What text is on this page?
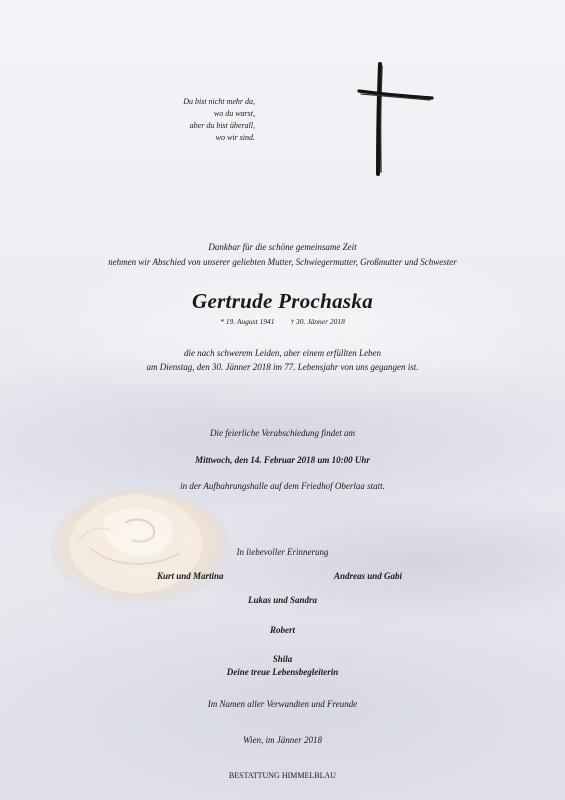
Du bist nicht mehr da,
wo du warst,
aber du bist überall,
wo wir sind.
Dankbar für die schöne gemeinsame Zeit
nehmen wir Abschied von unserer geliebten Mutter, Schwiegermutter, Großmutter und Schwester
Gertrude Prochaska
* 19. August 1941 † 30. Jänner 2018
die nach schwerem Leiden, aber einem erfüllten Leben
am Dienstag, den 30. Jänner 2018 im 77. Lebensjahr von uns gegangen ist.
Die feierliche Verabschiedung findet am
Mittwoch, den 14. Februar 2018 um 10:00 Uhr
in der Aufbahrungshalle auf dem Friedhof Oberlaa statt.
In liebevoller Erinnerung
Kurt und Martina	Andreas und Gabi
Lukas und Sandra
Robert
Shila
Deine treue Lebensbegleiterin
Im Namen aller Verwandten und Freunde
Wien, im Jänner 2018
BESTATTUNG HIMMELBLAU
